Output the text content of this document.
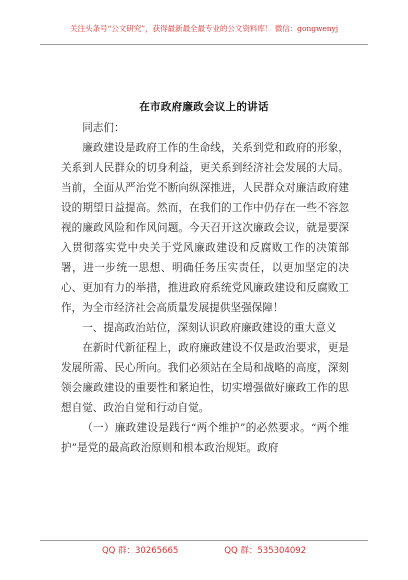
关注头条号“公文研究”，获得最新最全最专业的公文资料库！ 微信：gongwenyj
在市政府廉政会议上的讲话

同志们：

廉政建设是政府工作的生命线，关系到党和政府的形象，关系到人民群众的切身利益，更关系到经济社会发展的大局。当前，全面从严治党不断向纵深推进，人民群众对廉洁政府建设的期望日益提高。然而，在我们的工作中仍存在一些不容忽视的廉政风险和作风问题。今天召开这次廉政会议，就是要深入贯彻落实党中央关于党风廉政建设和反腐败工作的决策部署，进一步统一思想、明确任务压实责任，以更加坚定的决心、更加有力的举措，推进政府系统党风廉政建设和反腐败工作，为全市经济社会高质量发展提供坚强保障！

一、提高政治站位，深刻认识政府廉政建设的重大意义

在新时代新征程上，政府廉政建设不仅是政治要求，更是发展所需、民心所向。我们必须站在全局和战略的高度，深刻领会廉政建设的重要性和紧迫性，切实增强做好廉政工作的思想自觉、政治自觉和行动自觉。

（一）廉政建设是践行“两个维护”的必然要求。“两个维护”是党的最高政治原则和根本政治规矩。政府

QQ 群：30265665	QQ 群：535304092
